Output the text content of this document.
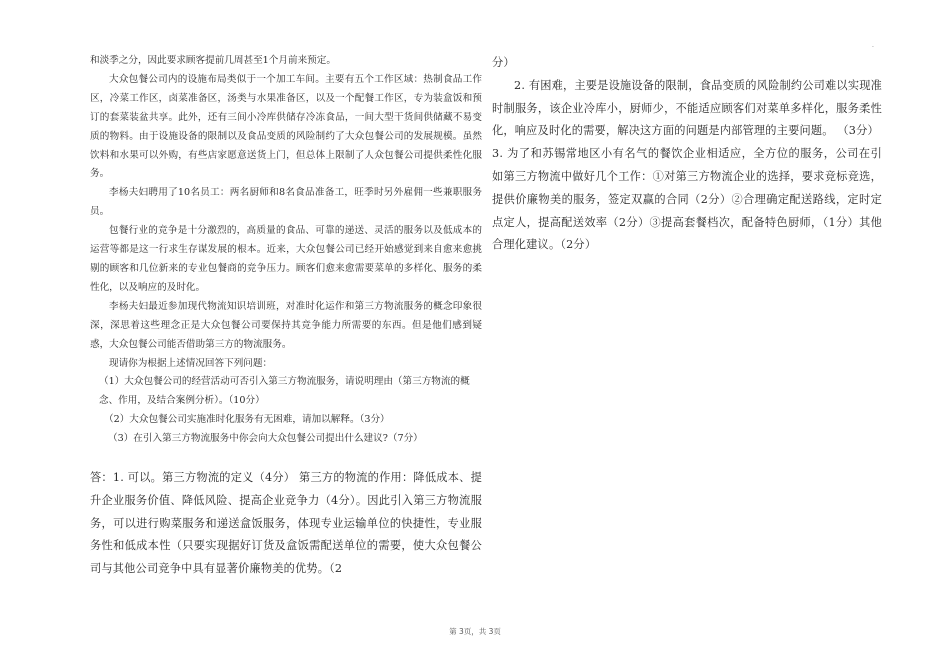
.

和淡季之分，因此要求顾客提前几周甚至1个月前来预定。

大众包餐公司内的设施布局类似于一个加工车间。主要有五个工作区域：热制食品工作区，冷菜工作区，卤菜准备区，汤类与水果准备区，以及一个配餐工作区，专为装盒饭和预订的套菜装盆共享。此外，还有三间小冷库供储存冷冻食品，一间大型干货间供储藏不易变质的物料。由于设施设备的限制以及食品变质的风险制约了大众包餐公司的发展规模。虽然饮料和水果可以外购，有些店家愿意送货上门，但总体上限制了人众包餐公司提供柔性化服务。

李杨夫妇聘用了10名员工：两名厨师和8名食品准备工，旺季时另外雇佣一些兼职服务员。

包餐行业的竞争是十分激烈的，高质量的食品、可靠的递送、灵活的服务以及低成本的运营等都是这一行求生存谋发展的根本。近来，大众包餐公司已经开始感觉到来自愈来愈挑剔的顾客和几位新来的专业包餐商的竞争压力。顾客们愈来愈需要菜单的多样化、服务的柔性化，以及响应的及时化。

李杨夫妇最近参加现代物流知识培训班，对准时化运作和第三方物流服务的概念印象很深，深思着这些理念正是大众包餐公司要保持其竞争能力所需要的东西。但是他们感到疑惑，大众包餐公司能否借助第三方的物流服务。

现请你为根据上述情况回答下列问题：

（1）大众包餐公司的经营活动可否引入第三方物流服务，请说明理由（第三方物流的概念、作用，及结合案例分析）。（10分）

（2）大众包餐公司实施准时化服务有无困难，请加以解释。（3分）

（3）在引入第三方物流服务中你会向大众包餐公司提出什么建议?（7分）

答：1. 可以。第三方物流的定义（4分） 第三方的物流的作用：降低成本、提升企业服务价值、降低风险、提高企业竞争力（4分）。因此引入第三方物流服务，可以进行购菜服务和递送盒饭服务，体现专业运输单位的快捷性，专业服务性和低成本性（只要实现据好订货及盒饭需配送单位的需要，使大众包餐公司与其他公司竞争中具有显著价廉物美的优势。（2

分）

2. 有困难，主要是设施设备的限制，食品变质的风险制约公司难以实现准时制服务，该企业冷库小，厨师少，不能适应顾客们对菜单多样化，服务柔性化，响应及时化的需要，解决这方面的问题是内部管理的主要问题。 （3分）

3. 为了和苏锡常地区小有名气的餐饮企业相适应，全方位的服务，公司在引如第三方物流中做好几个工作：①对第三方物流企业的选择，要求竞标竞选，提供价廉物美的服务，签定双赢的合同（2分）②合理确定配送路线，定时定点定人，提高配送效率（2分）③提高套餐档次，配备特色厨师，（1分）其他合理化建议。（2分）

第 3页，共 3页
